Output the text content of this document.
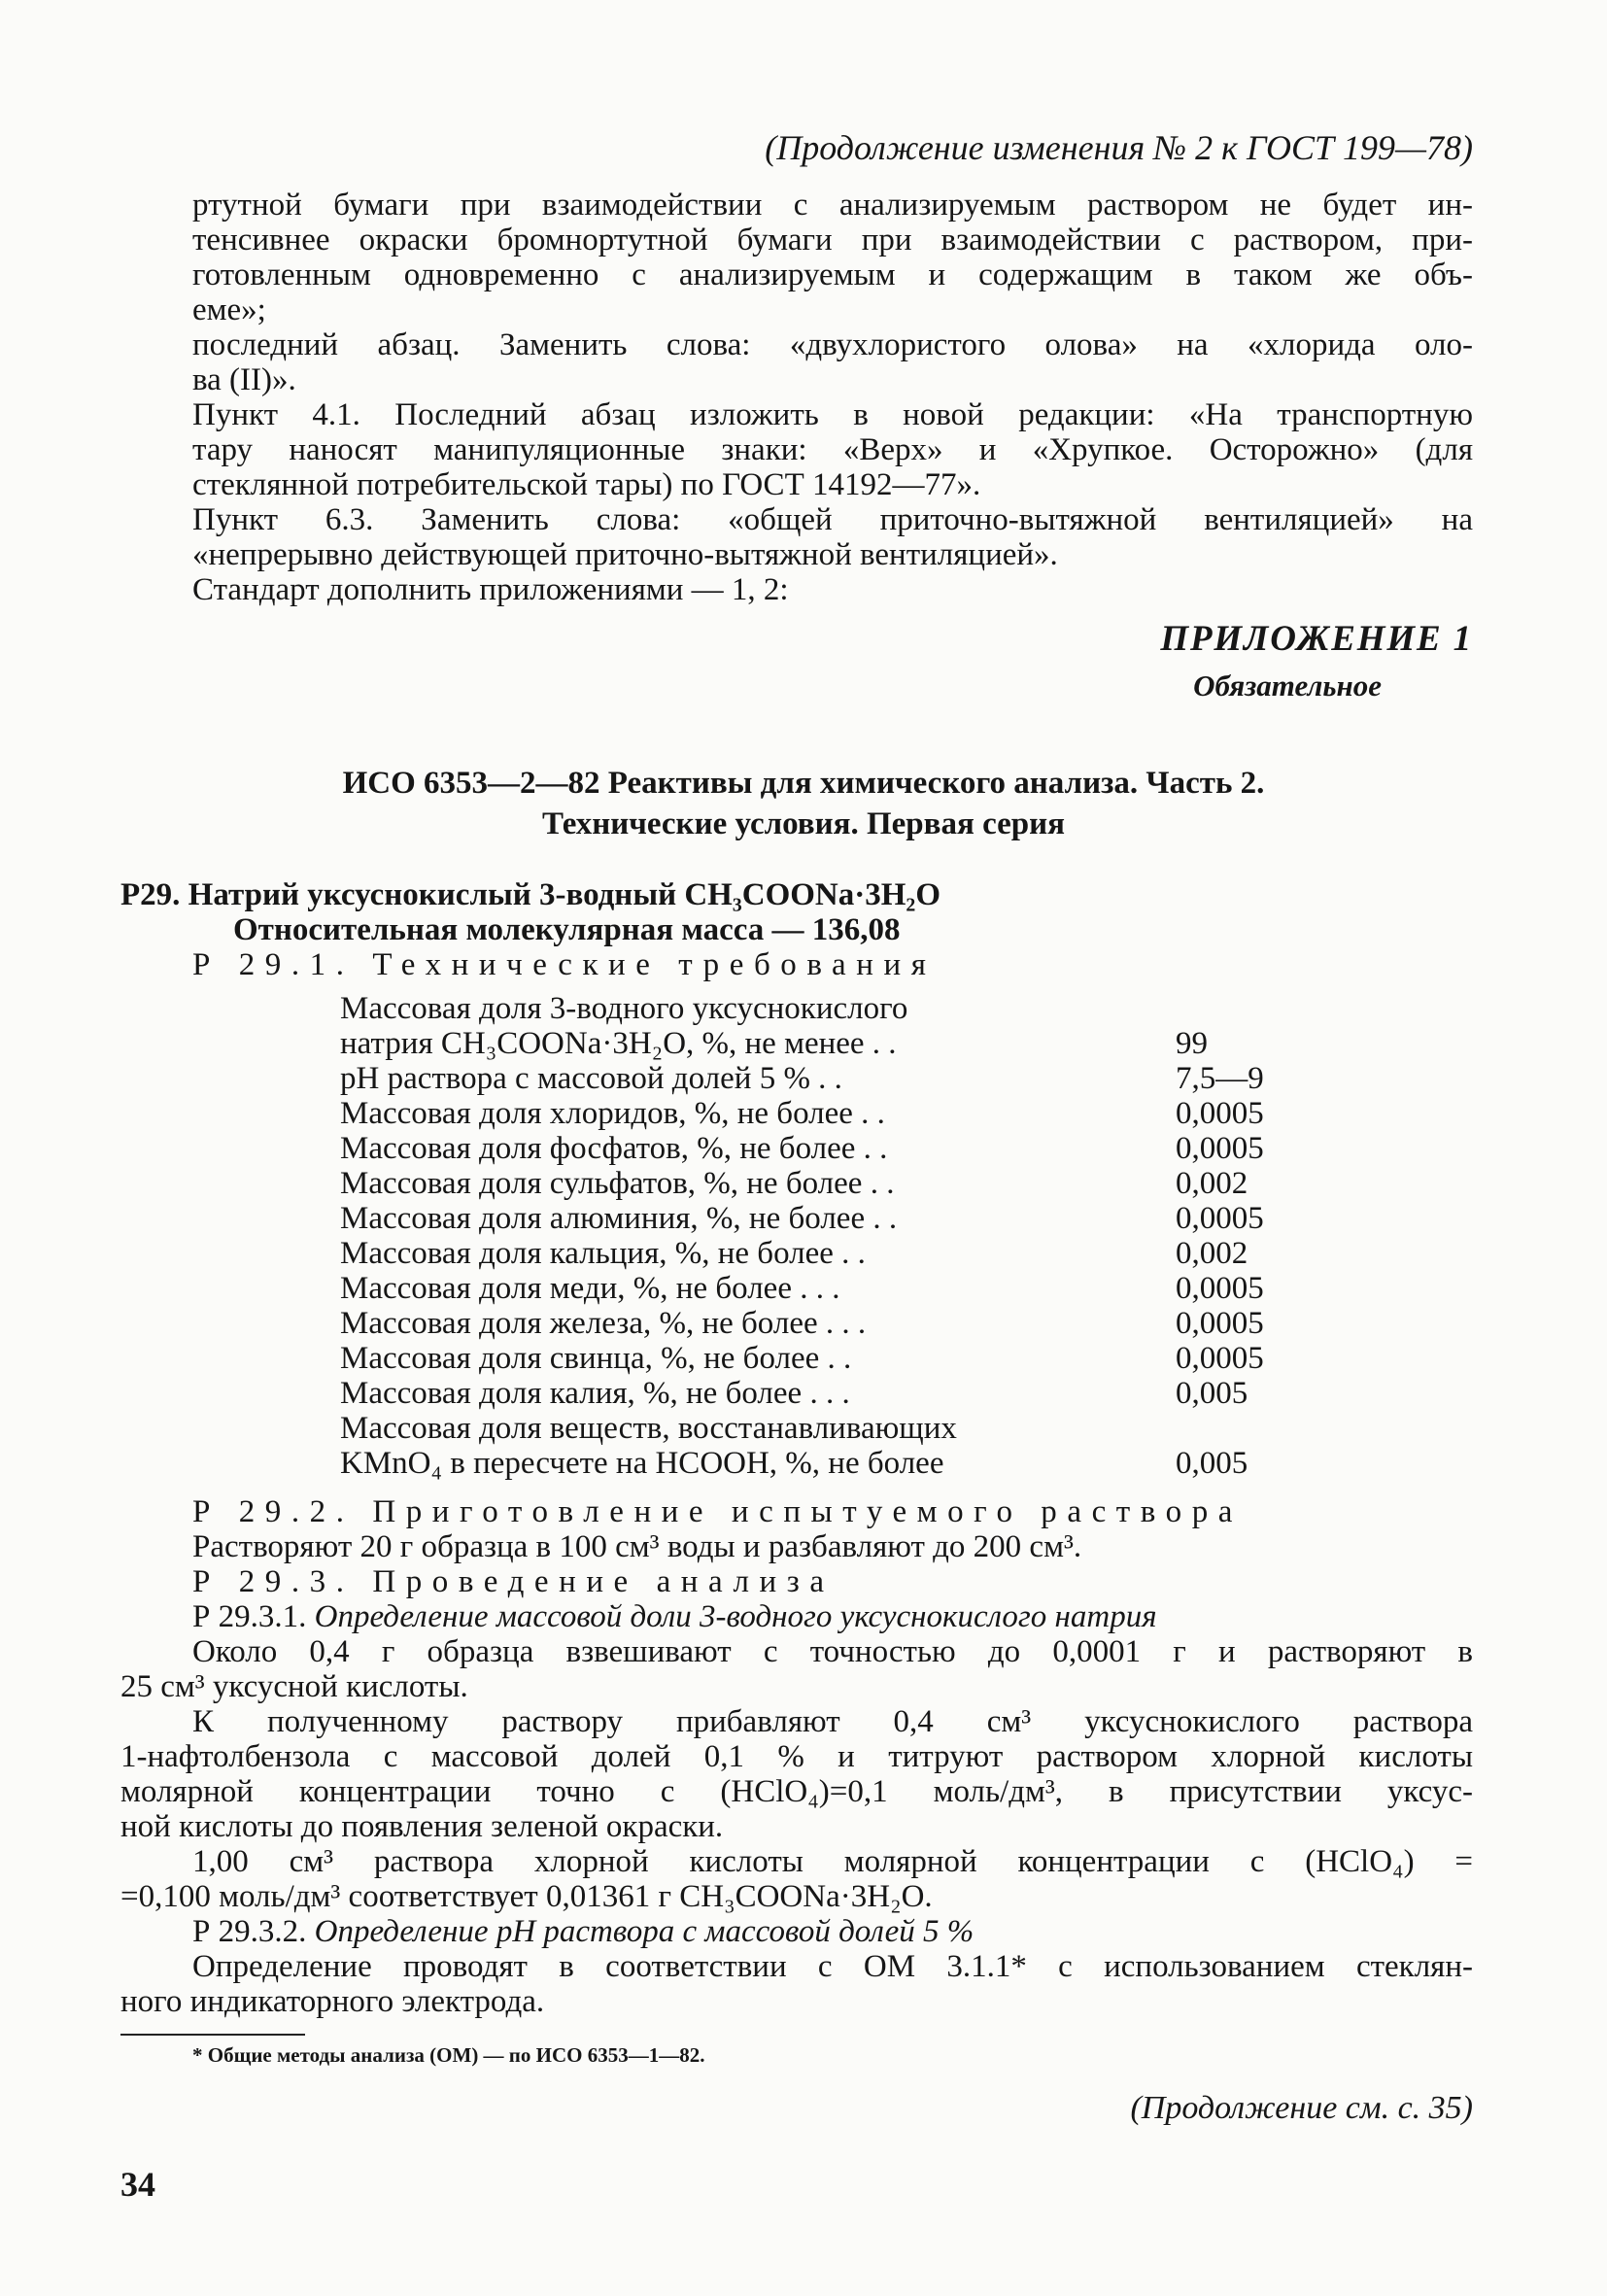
(Продолжение изменения № 2 к ГОСТ 199—78)
ртутной бумаги при взаимодействии с анализируемым раствором не будет ин-
тенсивнее окраски бромнортутной бумаги при взаимодействии с раствором, при-
готовленным одновременно с анализируемым и содержащим в таком же объ-
еме»;
последний абзац. Заменить слова: «двухлористого олова» на «хлорида оло-
ва (II)».
Пункт 4.1. Последний абзац изложить в новой редакции: «На транспортную
тару наносят манипуляционные знаки: «Верх» и «Хрупкое. Осторожно» (для
стеклянной потребительской тары) по ГОСТ 14192—77».
Пункт 6.3. Заменить слова: «общей приточно-вытяжной вентиляцией» на
«непрерывно действующей приточно-вытяжной вентиляцией».
Стандарт дополнить приложениями — 1, 2:
ПРИЛОЖЕНИЕ 1
Обязательное
ИСО 6353—2—82 Реактивы для химического анализа. Часть 2.
Технические условия. Первая серия
Р29. Натрий уксуснокислый 3-водный CH₃COONa·3H₂O
Относительная молекулярная масса — 136,08
Р 29.1. Технические требования
Массовая доля 3-водного уксуснокислого
натрия CH₃COONa·3H₂O, %, не менее . .	99
pH раствора с массовой долей 5 % . .	7,5—9
Массовая доля хлоридов, %, не более . .	0,0005
Массовая доля фосфатов, %, не более . .	0,0005
Массовая доля сульфатов, %, не более . .	0,002
Массовая доля алюминия, %, не более . .	0,0005
Массовая доля кальция, %, не более . .	0,002
Массовая доля меди, %, не более . . .	0,0005
Массовая доля железа, %, не более . . .	0,0005
Массовая доля свинца, %, не более . .	0,0005
Массовая доля калия, %, не более . . .	0,005
Массовая доля веществ, восстанавливающих
KMnO₄ в пересчете на HCOOH, %, не более	0,005
Р 29.2. Приготовление испытуемого раствора
Растворяют 20 г образца в 100 см³ воды и разбавляют до 200 см³.
Р 29.3. Проведение анализа
Р 29.3.1. Определение массовой доли 3-водного уксуснокислого натрия
Около 0,4 г образца взвешивают с точностью до 0,0001 г и растворяют в
25 см³ уксусной кислоты.
К полученному раствору прибавляют 0,4 см³ уксуснокислого раствора
1-нафтолбензола с массовой долей 0,1 % и титруют раствором хлорной кислоты
молярной концентрации точно c (HClO₄)=0,1 моль/дм³, в присутствии уксус-
ной кислоты до появления зеленой окраски.
1,00 см³ раствора хлорной кислоты молярной концентрации c (HClO₄) =
=0,100 моль/дм³ соответствует 0,01361 г CH₃COONa·3H₂O.
Р 29.3.2. Определение pH раствора с массовой долей 5 %
Определение проводят в соответствии с ОМ 3.1.1* с использованием стеклян-
ного индикаторного электрода.
* Общие методы анализа (ОМ) — по ИСО 6353—1—82.
(Продолжение см. с. 35)
34
